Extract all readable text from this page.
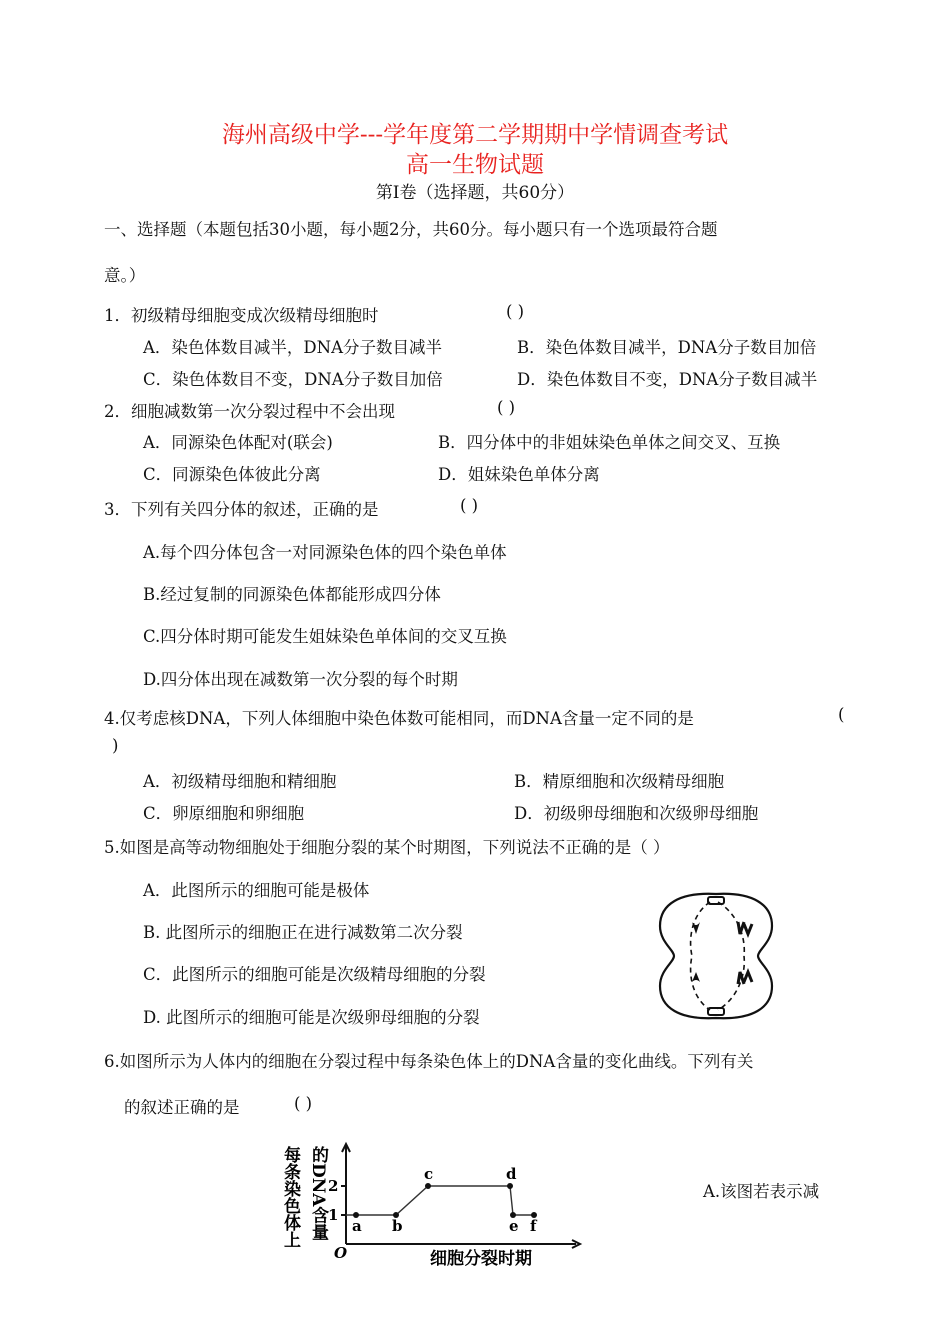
海州高级中学---学年度第二学期期中学情调查考试
高一生物试题
第Ⅰ卷（选择题，共60分）
一、选择题（本题包括30小题，每小题2分，共60分。每小题只有一个选项最符合题
意。）
1．初级精母细胞变成次级精母细胞时	( )
A．染色体数目减半，DNA分子数目减半	B．染色体数目减半，DNA分子数目加倍
C．染色体数目不变，DNA分子数目加倍	D．染色体数目不变，DNA分子数目减半
2．细胞减数第一次分裂过程中不会出现	( )
A．同源染色体配对(联会)	B．四分体中的非姐妹染色单体之间交叉、互换
C．同源染色体彼此分离	D．姐妹染色单体分离
3．下列有关四分体的叙述，正确的是	( )
A.每个四分体包含一对同源染色体的四个染色单体
B.经过复制的同源染色体都能形成四分体
C.四分体时期可能发生姐妹染色单体间的交叉互换
D.四分体出现在减数第一次分裂的每个时期
4.仅考虑核DNA，下列人体细胞中染色体数可能相同，而DNA含量一定不同的是	(
)
A．初级精母细胞和精细胞	B．精原细胞和次级精母细胞
C．卵原细胞和卵细胞	D．初级卵母细胞和次级卵母细胞
5.如图是高等动物细胞处于细胞分裂的某个时期图，下列说法不正确的是（ ）
A．此图所示的细胞可能是极体
B. 此图所示的细胞正在进行减数第二次分裂
C．此图所示的细胞可能是次级精母细胞的分裂
D. 此图所示的细胞可能是次级卵母细胞的分裂
6.如图所示为人体内的细胞在分裂过程中每条染色体上的DNA含量的变化曲线。下列有关
的叙述正确的是	( )
A.该图若表示减
每条染色体上 的DNA含量 1
2
a b
c	d
e f
O	细胞分裂时期
